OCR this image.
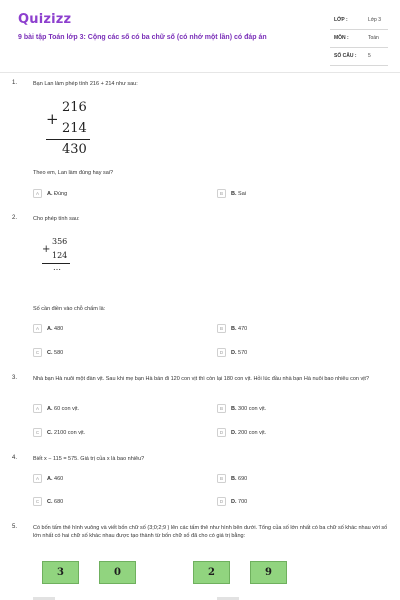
Quizizz
9 bài tập Toán lớp 3: Cộng các số có ba chữ số (có nhớ một lần) có đáp án
LỚP :	Lớp 3
MÔN :	Toán
SỐ CÂU : 5
1.	Bạn Lan làm phép tính 216 + 214 như sau:
216
+
214
430
Theo em, Lan làm đúng hay sai?
A	A. Đúng	B	B. Sai
2.	Cho phép tính sau:
356
+
124
…
Số cần điền vào chỗ chấm là:
A	A. 480	B	B. 470
C	C. 580	D	D. 570
3.	Nhà bạn Hà nuôi một đàn vịt. Sau khi mẹ bạn Hà bán đi 120 con vịt thì còn lại 180 con vịt. Hỏi lúc đầu nhà bạn Hà nuôi bao nhiêu con vịt?
A	A. 60 con vịt.	B	B. 300 con vịt.
C	C. 2100 con vịt.	D	D. 200 con vịt.
4.	Biết x − 115 = 575. Giá trị của x là bao nhiêu?
A	A. 460	B	B. 690
C	C. 680	D	D. 700
5.	Có bốn tấm thẻ hình vuông và viết bốn chữ số (3;0;2;9 ) lên các tấm thẻ như hình bên dưới. Tổng của số lớn nhất có ba chữ số khác nhau với số lớn nhất có hai chữ số khác nhau được tạo thành từ bốn chữ số đã cho có giá trị bằng:
3	0	2	9
